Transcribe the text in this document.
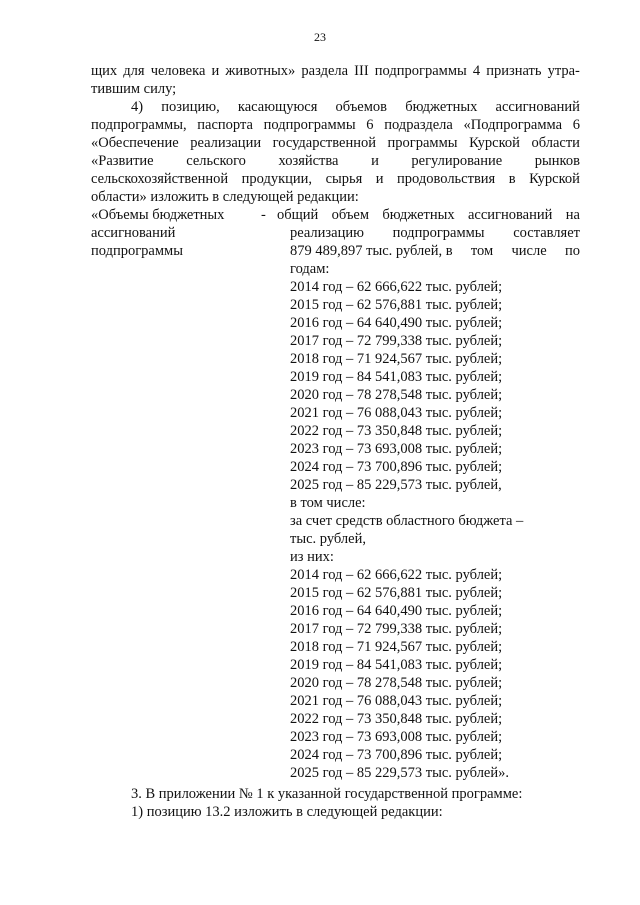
23
щих для человека и животных» раздела III подпрограммы 4 признать утра-
тившим силу;
4) позицию, касающуюся объемов бюджетных ассигнований
подпрограммы, паспорта подпрограммы 6 подраздела «Подпрограмма 6
«Обеспечение реализации государственной программы Курской области
«Развитие сельского хозяйства и регулирование рынков
сельскохозяйственной продукции, сырья и продовольствия в Курской
области» изложить в следующей редакции:
«Объемы бюджетных
ассигнований
подпрограммы
- общий объем бюджетных ассигнований на
реализацию подпрограммы составляет
879 489,897 тыс. рублей, в том числе по
годам:
2014 год – 62 666,622 тыс. рублей;
2015 год – 62 576,881 тыс. рублей;
2016 год – 64 640,490 тыс. рублей;
2017 год – 72 799,338 тыс. рублей;
2018 год – 71 924,567 тыс. рублей;
2019 год – 84 541,083 тыс. рублей;
2020 год – 78 278,548 тыс. рублей;
2021 год – 76 088,043 тыс. рублей;
2022 год – 73 350,848 тыс. рублей;
2023 год – 73 693,008 тыс. рублей;
2024 год – 73 700,896 тыс. рублей;
2025 год – 85 229,573 тыс. рублей,
в том числе:
за счет средств областного бюджета –
тыс. рублей,
из них:
2014 год – 62 666,622 тыс. рублей;
2015 год – 62 576,881 тыс. рублей;
2016 год – 64 640,490 тыс. рублей;
2017 год – 72 799,338 тыс. рублей;
2018 год – 71 924,567 тыс. рублей;
2019 год – 84 541,083 тыс. рублей;
2020 год – 78 278,548 тыс. рублей;
2021 год – 76 088,043 тыс. рублей;
2022 год – 73 350,848 тыс. рублей;
2023 год – 73 693,008 тыс. рублей;
2024 год – 73 700,896 тыс. рублей;
2025 год – 85 229,573 тыс. рублей».
3. В приложении № 1 к указанной государственной программе:
1) позицию 13.2 изложить в следующей редакции:
